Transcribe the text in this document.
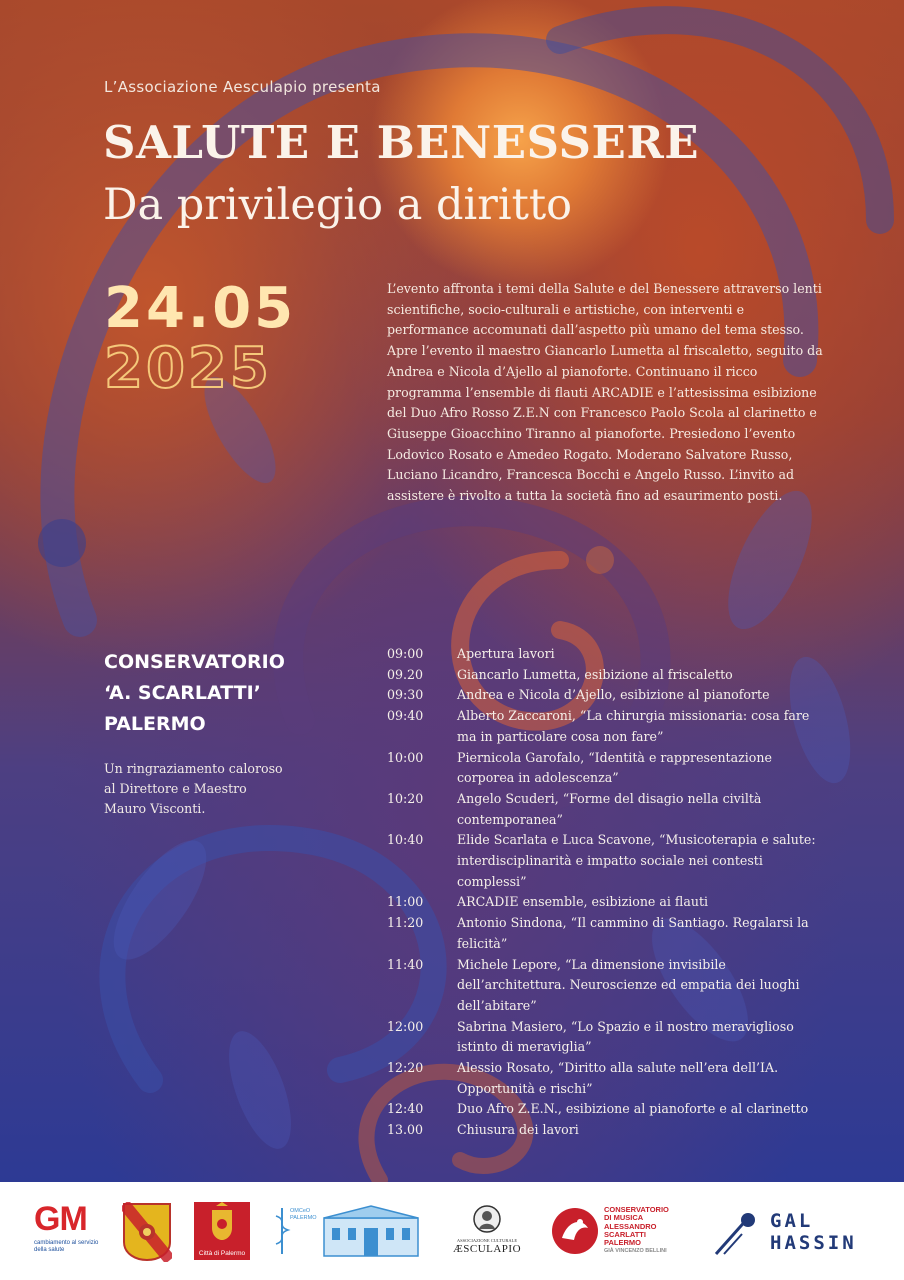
L’Associazione Aesculapio presenta
SALUTE E BENESSERE
Da privilegio a diritto
24.05
2025
L’evento affronta i temi della Salute e del Benessere attraverso lenti scientifiche, socio-culturali e artistiche, con interventi e performance accomunati dall’aspetto più umano del tema stesso. Apre l’evento il maestro Giancarlo Lumetta al friscaletto, seguito da Andrea e Nicola d’Ajello al pianoforte. Continuano il ricco programma l’ensemble di flauti ARCADIE e l’attesissima esibizione del Duo Afro Rosso Z.E.N con Francesco Paolo Scola al clarinetto e Giuseppe Gioacchino Tiranno al pianoforte. Presiedono l’evento Lodovico Rosato e Amedeo Rogato. Moderano Salvatore Russo, Luciano Licandro, Francesca Bocchi e Angelo Russo. L’invito ad assistere è rivolto a tutta la società fino ad esaurimento posti.
CONSERVATORIO
‘A. SCARLATTI’
PALERMO
Un ringraziamento caloroso
al Direttore e Maestro
Mauro Visconti.
09:00	Apertura lavori
09.20	Giancarlo Lumetta, esibizione al friscaletto
09:30	Andrea e Nicola d’Ajello, esibizione al pianoforte
09:40	Alberto Zaccaroni, “La chirurgia missionaria: cosa fare ma in particolare cosa non fare”
10:00	Piernicola Garofalo, “Identità e rappresentazione corporea in adolescenza”
10:20	Angelo Scuderi, “Forme del disagio nella civiltà contemporanea”
10:40	Elide Scarlata e Luca Scavone, “Musicoterapia e salute: interdisciplinarità e impatto sociale nei contesti complessi”
11:00	ARCADIE ensemble, esibizione ai flauti
11:20	Antonio Sindona, “Il cammino di Santiago. Regalarsi la felicità”
11:40	Michele Lepore, “La dimensione invisibile dell’architettura. Neuroscienze ed empatia dei luoghi dell’abitare”
12:00	Sabrina Masiero, “Lo Spazio e il nostro meraviglioso istinto di meraviglia”
12:20	Alessio Rosato, “Diritto alla salute nell’era dell’IA. Opportunità e rischi”
12:40	Duo Afro Z.E.N., esibizione al pianoforte e al clarinetto
13.00	Chiusura dei lavori
GM
cambiamento al servizio della salute	Città di Palermo
OMCeO PALERMO
ASSOCIAZIONE CULTURALE
ÆSCULAPIO
CONSERVATORIO
DI MUSICA
ALESSANDRO
SCARLATTI
PALERMO
GIÀ VINCENZO BELLINI
GAL
HASSIN
